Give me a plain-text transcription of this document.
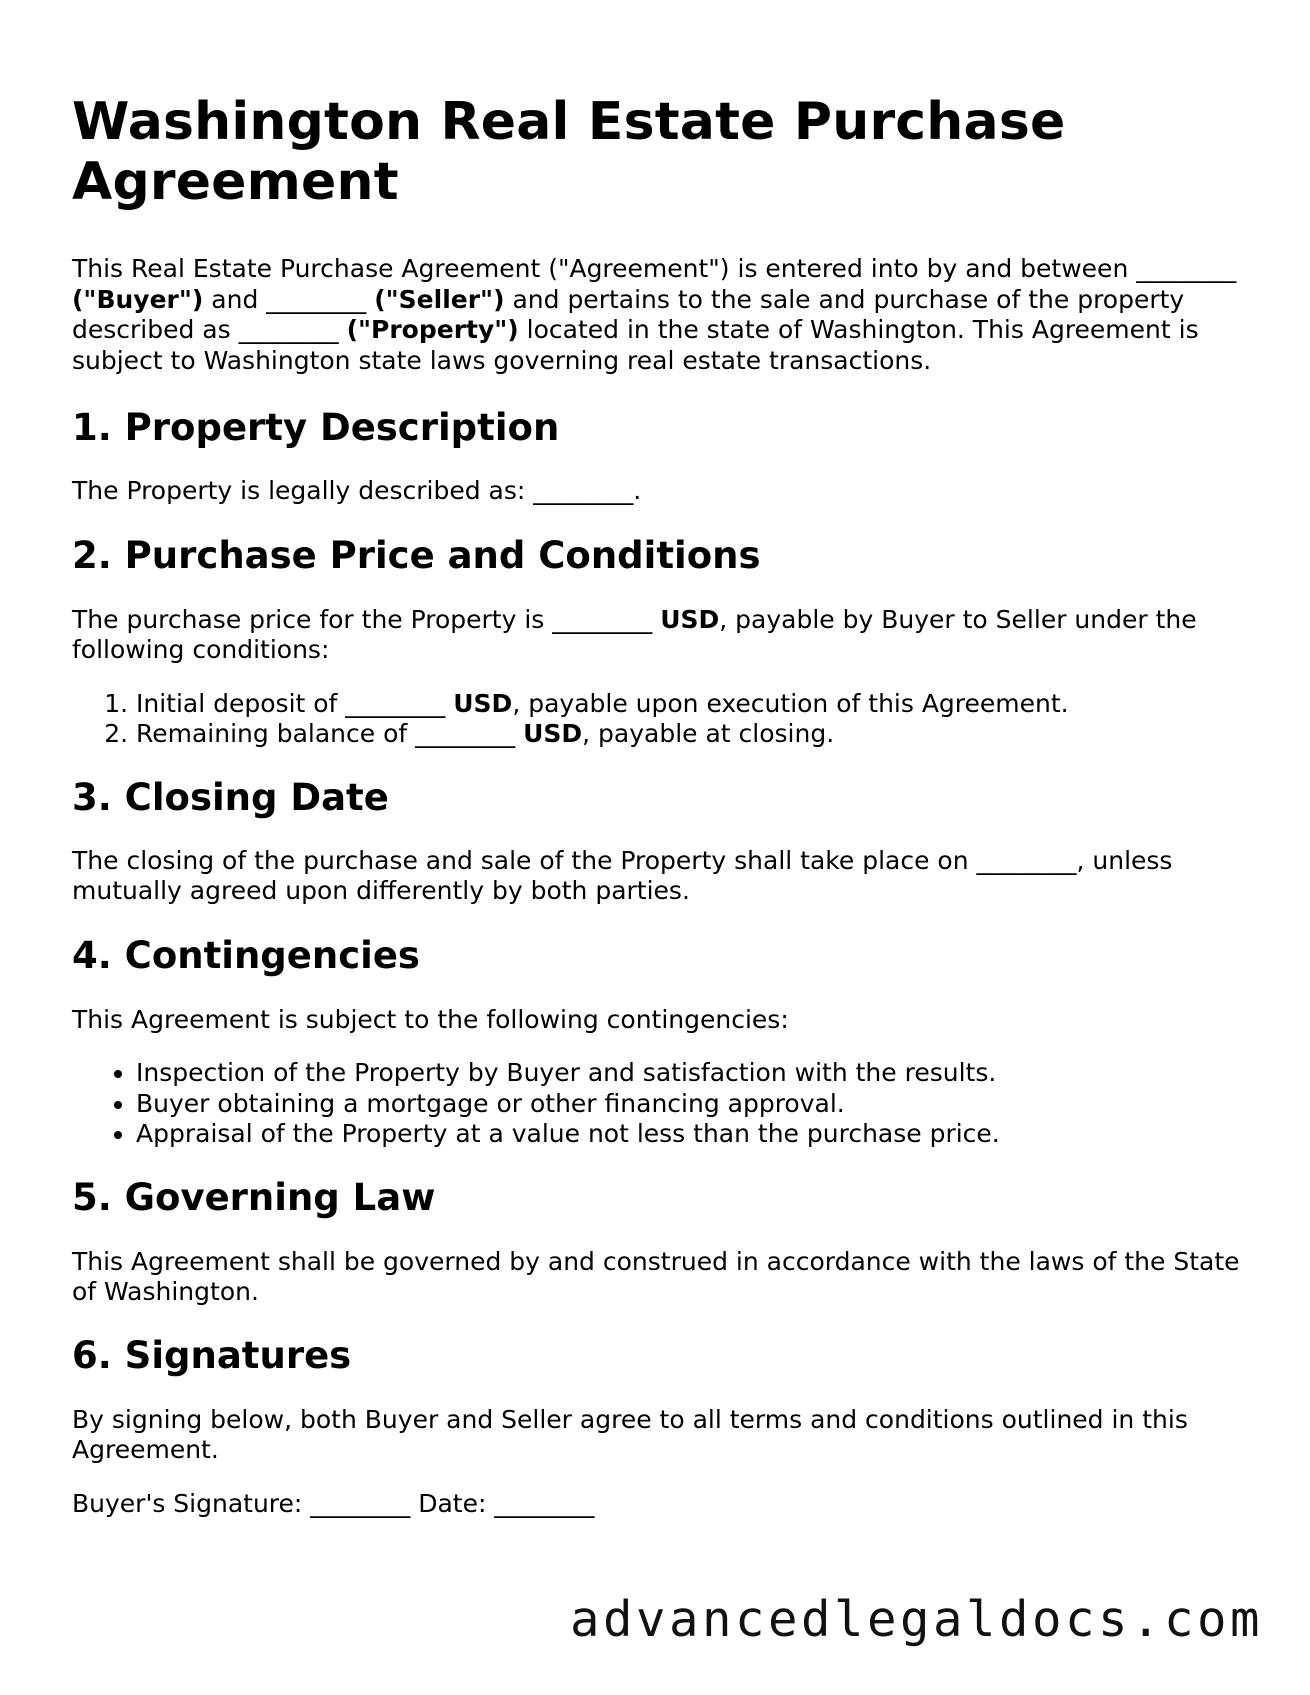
Washington Real Estate Purchase Agreement

This Real Estate Purchase Agreement ("Agreement") is entered into by and between ________ ("Buyer") and ________ ("Seller") and pertains to the sale and purchase of the property described as ________ ("Property") located in the state of Washington. This Agreement is subject to Washington state laws governing real estate transactions.

1. Property Description

The Property is legally described as: ________.

2. Purchase Price and Conditions

The purchase price for the Property is ________ USD, payable by Buyer to Seller under the following conditions:

1. Initial deposit of ________ USD, payable upon execution of this Agreement.
2. Remaining balance of ________ USD, payable at closing.
3. Closing Date

The closing of the purchase and sale of the Property shall take place on ________, unless mutually agreed upon differently by both parties.

4. Contingencies

This Agreement is subject to the following contingencies:

• Inspection of the Property by Buyer and satisfaction with the results.
• Buyer obtaining a mortgage or other financing approval.
• Appraisal of the Property at a value not less than the purchase price.
5. Governing Law

This Agreement shall be governed by and construed in accordance with the laws of the State of Washington.

6. Signatures

By signing below, both Buyer and Seller agree to all terms and conditions outlined in this Agreement.

Buyer's Signature: ________ Date: ________

advancedlegaldocs.com
